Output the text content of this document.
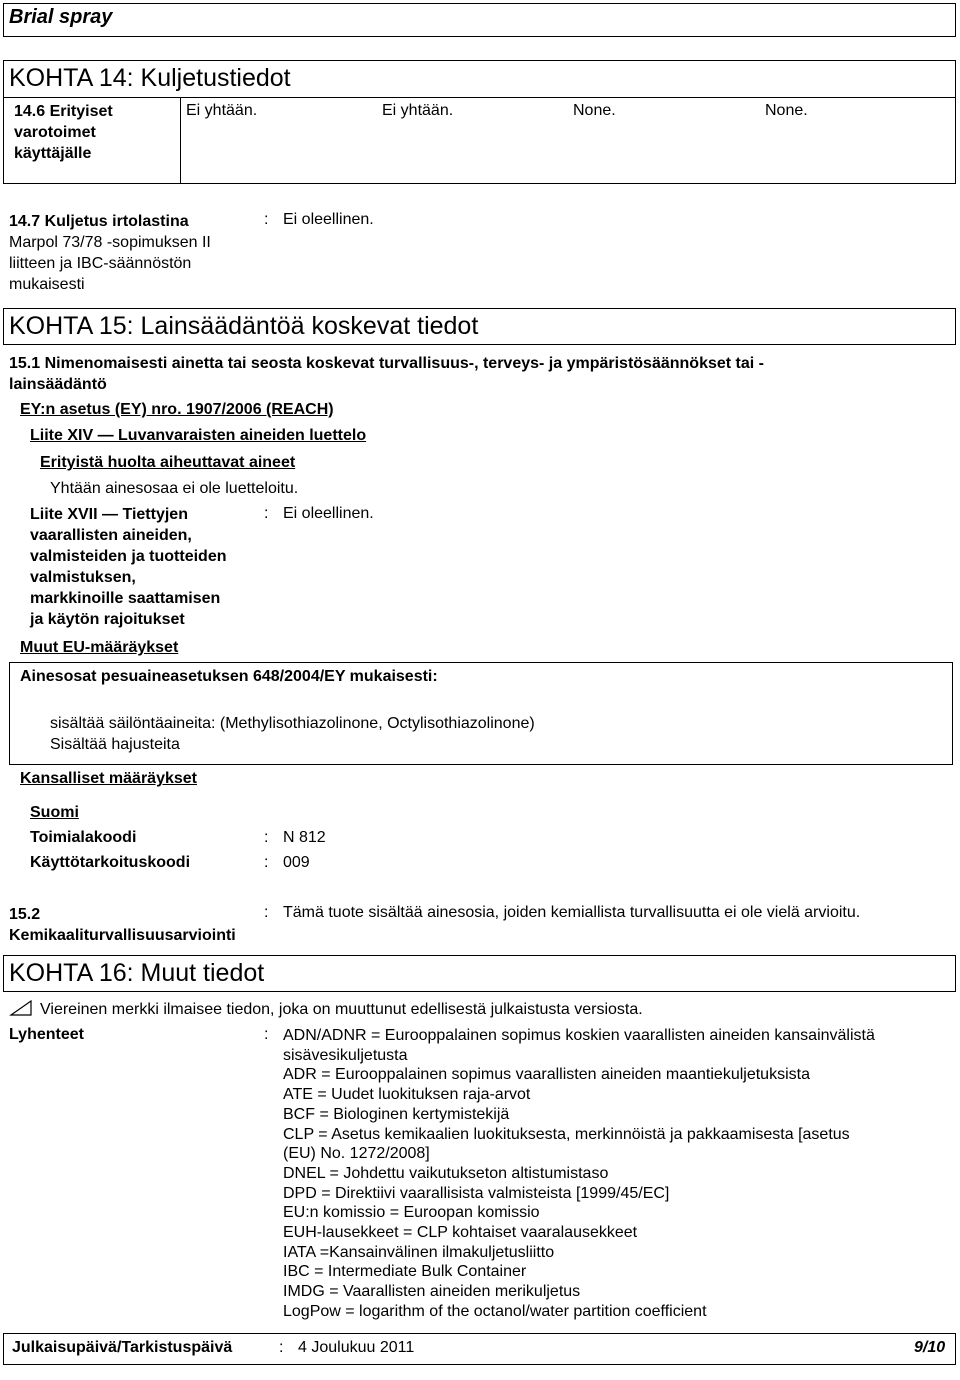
Brial spray
KOHTA 14: Kuljetustiedot
14.6 Erityiset
varotoimet
käyttäjälle
Ei yhtään.	Ei yhtään.	None.	None.
14.7 Kuljetus irtolastina
Marpol 73/78 -sopimuksen II
liitteen ja IBC-säännöstön
mukaisesti
: Ei oleellinen.
KOHTA 15: Lainsäädäntöä koskevat tiedot
15.1 Nimenomaisesti ainetta tai seosta koskevat turvallisuus-, terveys- ja ympäristösäännökset tai -
lainsäädäntö
EY:n asetus (EY) nro. 1907/2006 (REACH)
Liite XIV — Luvanvaraisten aineiden luettelo
Erityistä huolta aiheuttavat aineet
Yhtään ainesosaa ei ole luetteloitu.
Liite XVII — Tiettyjen
vaarallisten aineiden,
valmisteiden ja tuotteiden
valmistuksen,
markkinoille saattamisen
ja käytön rajoitukset
: Ei oleellinen.
Muut EU-määräykset
Ainesosat pesuaineasetuksen 648/2004/EY mukaisesti:
sisältää säilöntäaineita: (Methylisothiazolinone, Octylisothiazolinone)
Sisältää hajusteita
Kansalliset määräykset
Suomi
Toimialakoodi	: N 812
Käyttötarkoituskoodi	: 009
15.2
Kemikaaliturvallisuusarviointi
: Tämä tuote sisältää ainesosia, joiden kemiallista turvallisuutta ei ole vielä arvioitu.
KOHTA 16: Muut tiedot
Viereinen merkki ilmaisee tiedon, joka on muuttunut edellisestä julkaistusta versiosta.
Lyhenteet	: ADN/ADNR = Eurooppalainen sopimus koskien vaarallisten aineiden kansainvälistä
sisävesikuljetusta
ADR = Eurooppalainen sopimus vaarallisten aineiden maantiekuljetuksista
ATE = Uudet luokituksen raja-arvot
BCF = Biologinen kertymistekijä
CLP = Asetus kemikaalien luokituksesta, merkinnöistä ja pakkaamisesta [asetus
(EU) No. 1272/2008]
DNEL = Johdettu vaikutukseton altistumistaso
DPD = Direktiivi vaarallisista valmisteista [1999/45/EC]
EU:n komissio = Euroopan komissio
EUH-lausekkeet = CLP kohtaiset vaaralausekkeet
IATA =Kansainvälinen ilmakuljetusliitto
IBC = Intermediate Bulk Container
IMDG = Vaarallisten aineiden merikuljetus
LogPow = logarithm of the octanol/water partition coefficient
Julkaisupäivä/Tarkistuspäivä	: 4 Joulukuu 2011	9/10
